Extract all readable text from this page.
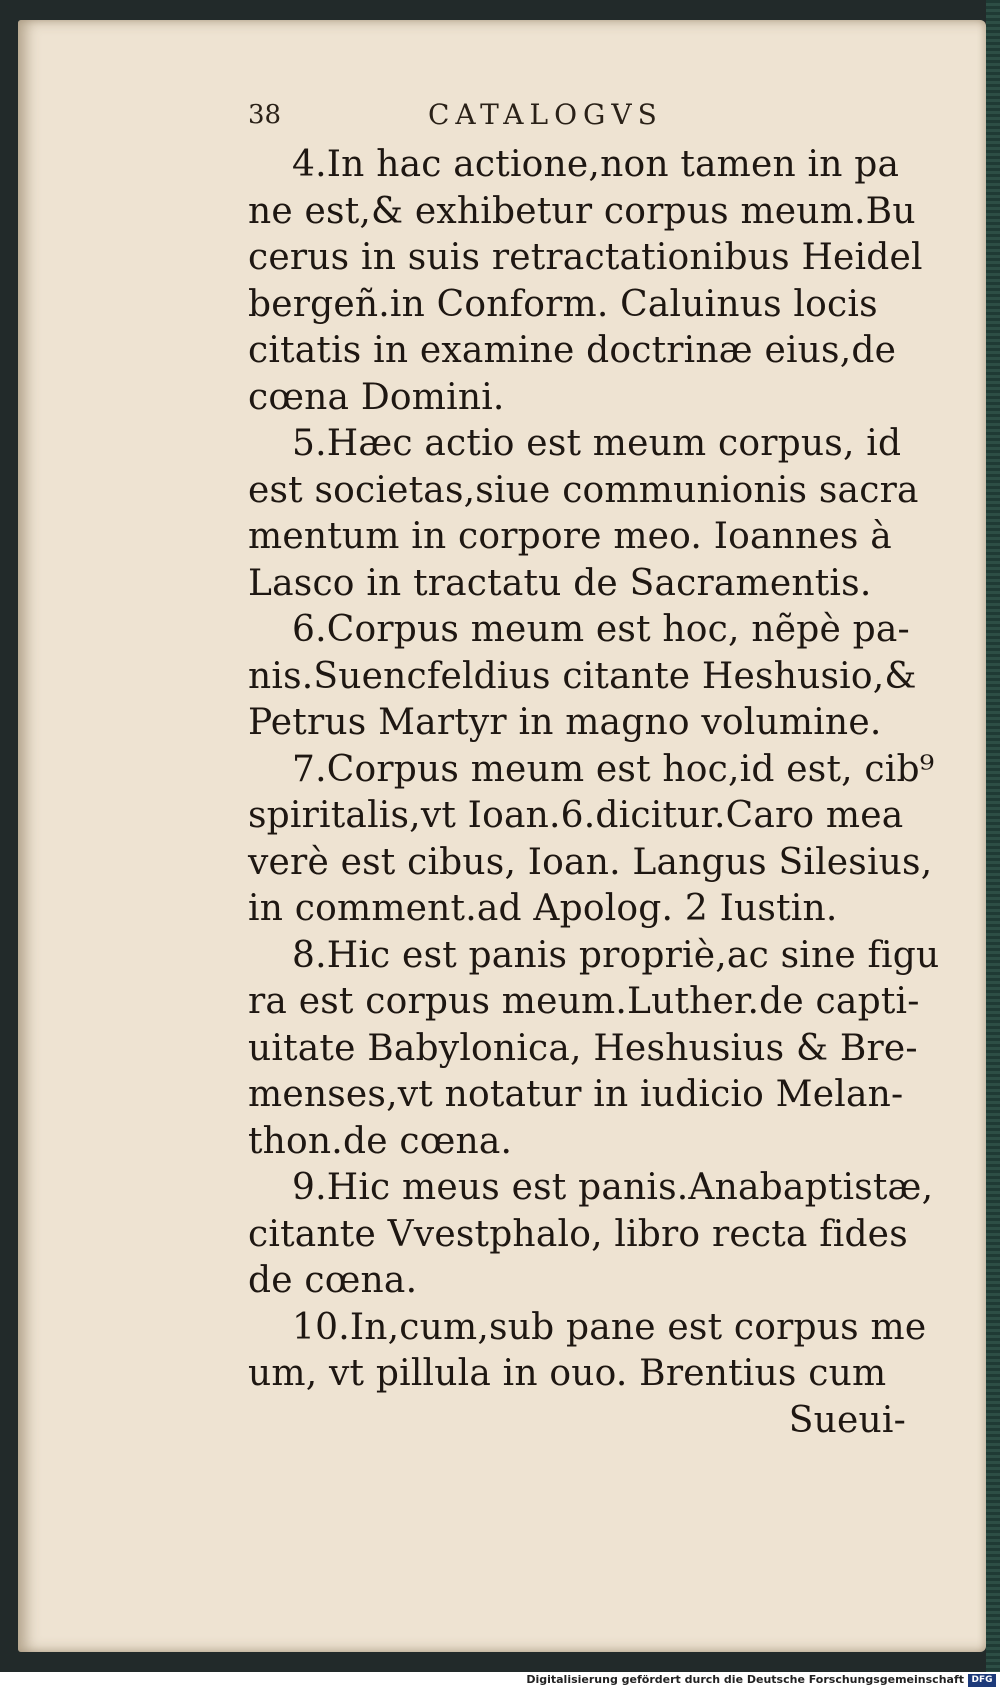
38	CATALOGVS
4.In hac actione,non tamen in pa
ne est,& exhibetur corpus meum.Bu
cerus in suis retractationibus Heidel
bergeñ.in Conform. Caluinus locis
citatis in examine doctrinæ eius,de
cœna Domini.
5.Hæc actio est meum corpus, id
est societas,siue communionis sacra
mentum in corpore meo. Ioannes à
Lasco in tractatu de Sacramentis.
6.Corpus meum est hoc, nẽpè pa-
nis.Suencfeldius citante Heshusio,&
Petrus Martyr in magno volumine.
7.Corpus meum est hoc,id est, cib⁹
spiritalis,vt Ioan.6.dicitur.Caro mea
verè est cibus, Ioan. Langus Silesius,
in comment.ad Apolog. 2 Iustin.
8.Hic est panis propriè,ac sine figu
ra est corpus meum.Luther.de capti-
uitate Babylonica, Heshusius & Bre-
menses,vt notatur in iudicio Melan-
thon.de cœna.
9.Hic meus est panis.Anabaptistæ,
citante Vvestphalo, libro recta fides
de cœna.
10.In,cum,sub pane est corpus me
um, vt pillula in ouo. Brentius cum
Sueui-
Digitalisierung gefördert durch die Deutsche Forschungsgemeinschaft DFG
